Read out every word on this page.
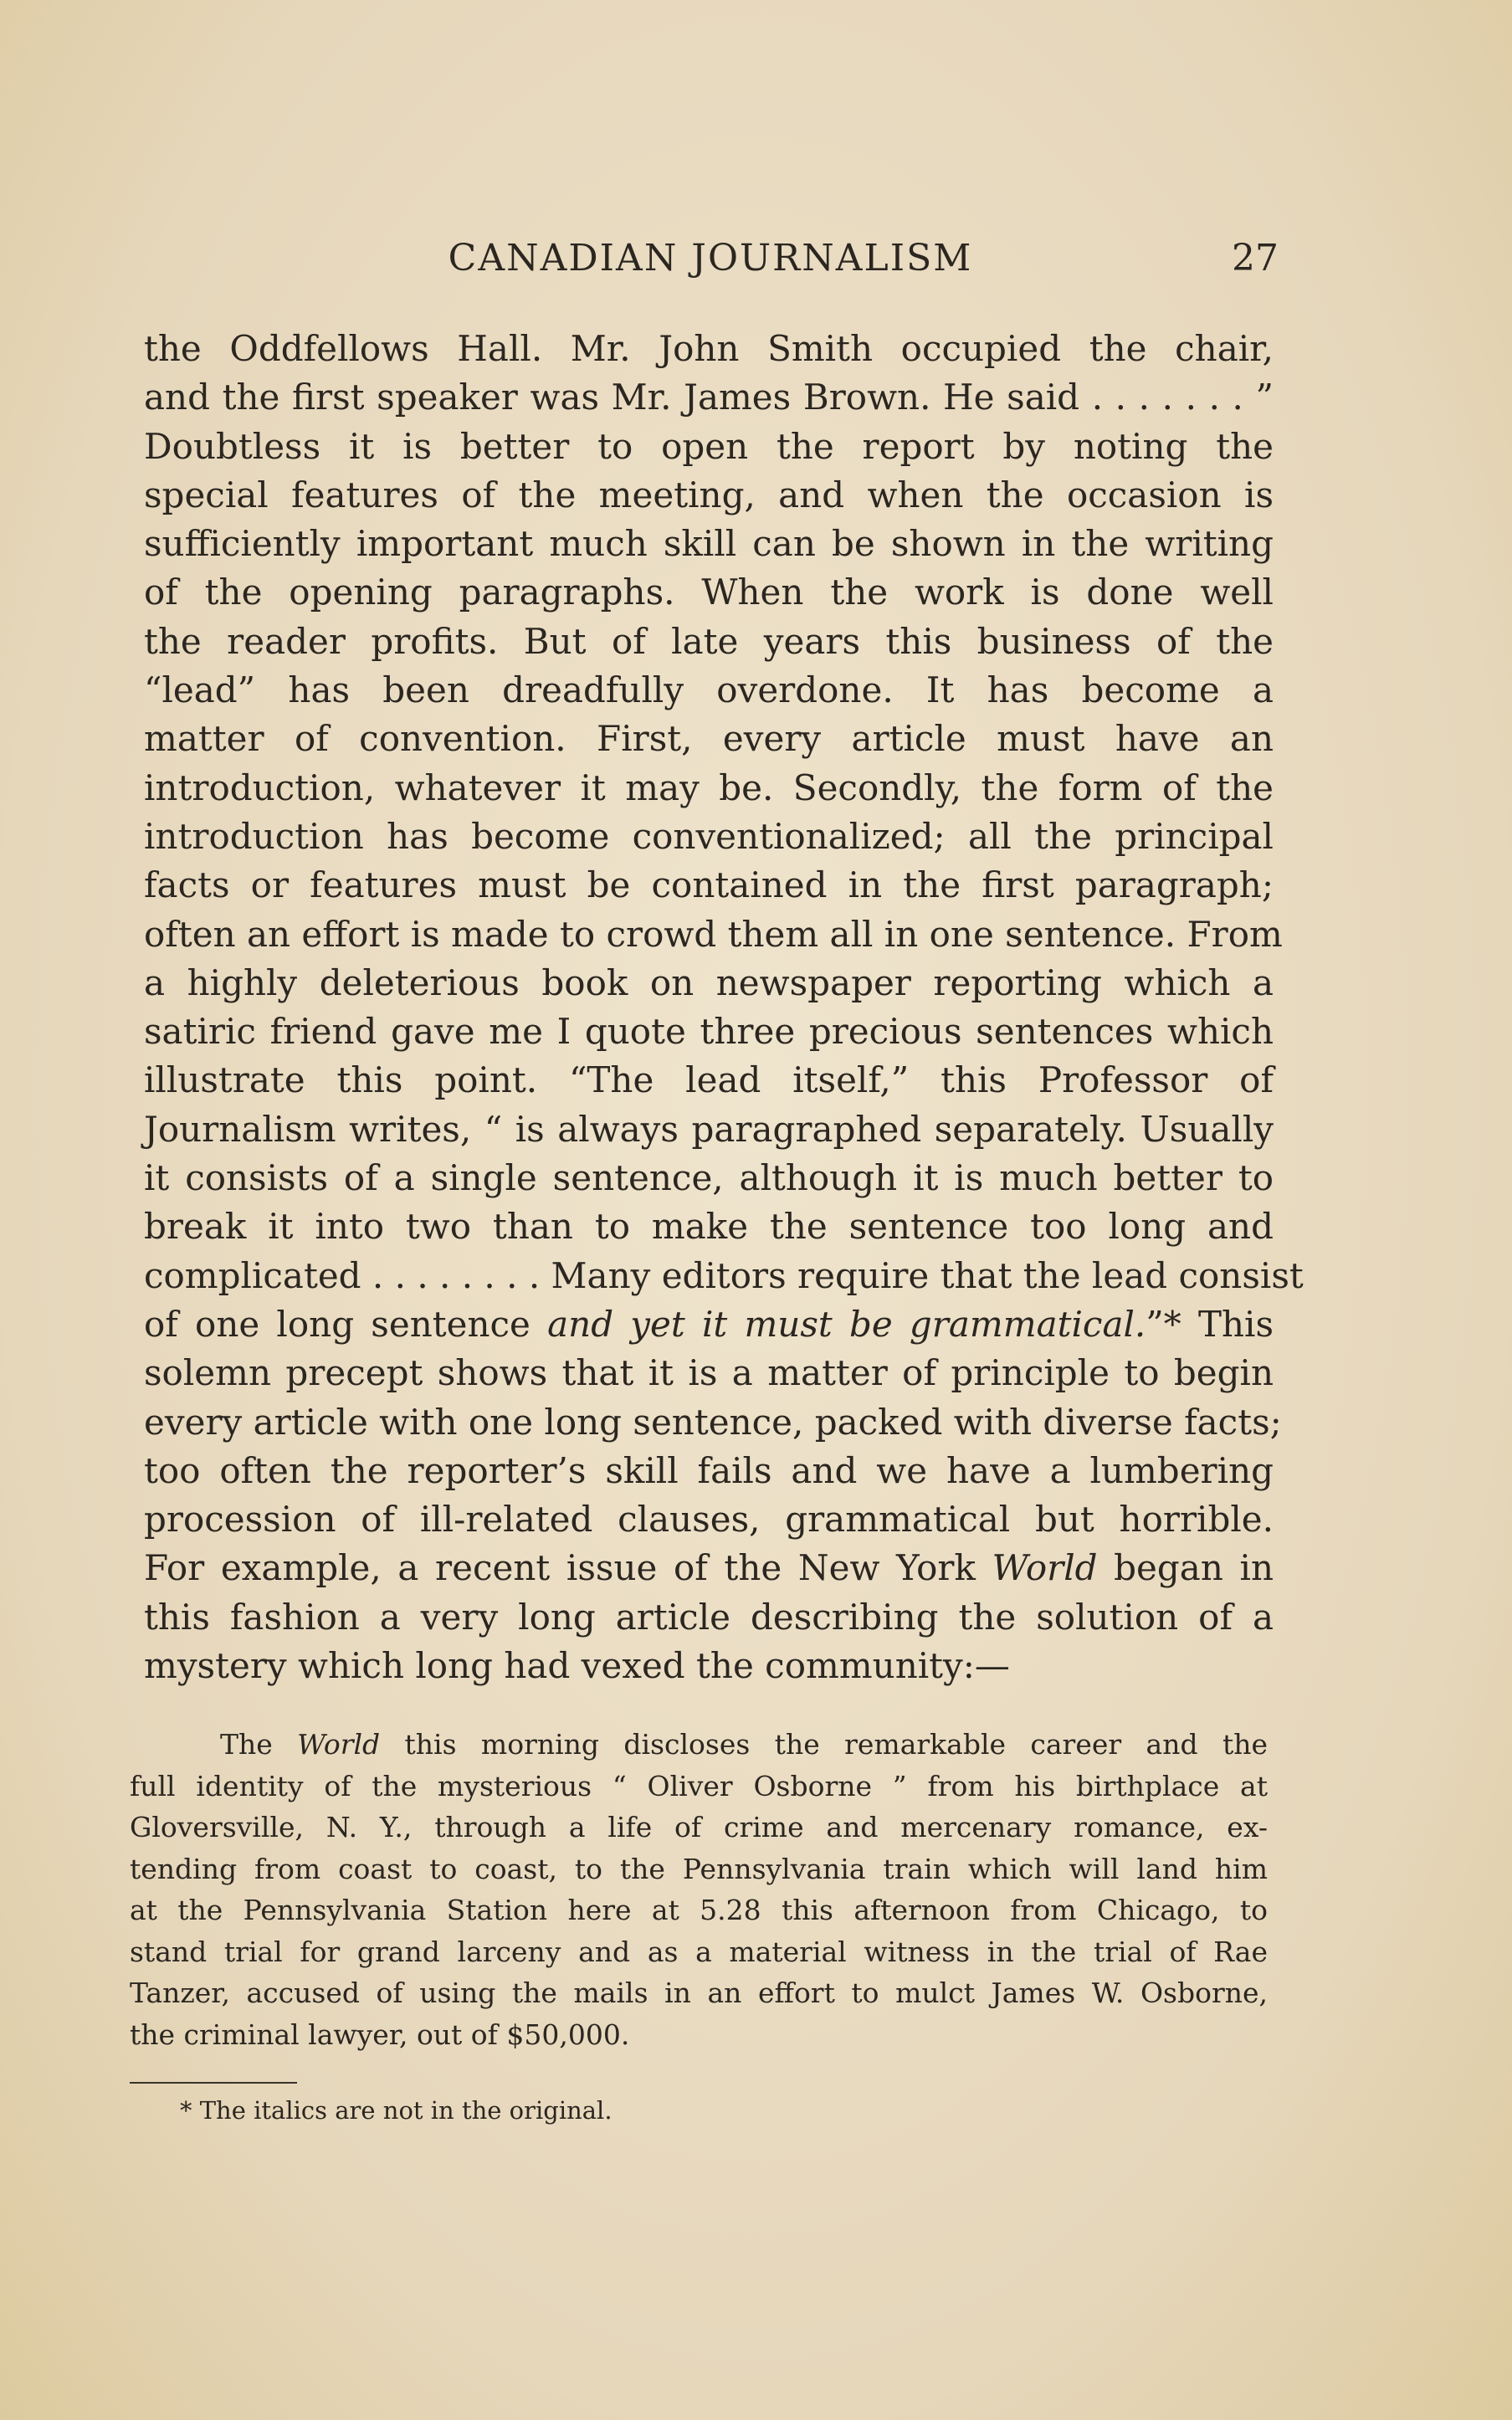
CANADIAN JOURNALISM	27
the Oddfellows Hall. Mr. John Smith occupied the chair,
and the first speaker was Mr. James Brown. He said . . . . . . . ”
Doubtless it is better to open the report by noting the
special features of the meeting, and when the occasion is
sufficiently important much skill can be shown in the writing
of the opening paragraphs. When the work is done well
the reader profits. But of late years this business of the
“lead” has been dreadfully overdone. It has become a
matter of convention. First, every article must have an
introduction, whatever it may be. Secondly, the form of the
introduction has become conventionalized; all the principal
facts or features must be contained in the first paragraph;
often an effort is made to crowd them all in one sentence. From
a highly deleterious book on newspaper reporting which a
satiric friend gave me I quote three precious sentences which
illustrate this point. “The lead itself,” this Professor of
Journalism writes, “ is always paragraphed separately. Usually
it consists of a single sentence, although it is much better to
break it into two than to make the sentence too long and
complicated . . . . . . . . Many editors require that the lead consist
of one long sentence and yet it must be grammatical.”* This
solemn precept shows that it is a matter of principle to begin
every article with one long sentence, packed with diverse facts;
too often the reporter’s skill fails and we have a lumbering
procession of ill-related clauses, grammatical but horrible.
For example, a recent issue of the New York World began in
this fashion a very long article describing the solution of a
mystery which long had vexed the community:—
The World this morning discloses the remarkable career and the
full identity of the mysterious “ Oliver Osborne ” from his birthplace at
Gloversville, N. Y., through a life of crime and mercenary romance, ex-
tending from coast to coast, to the Pennsylvania train which will land him
at the Pennsylvania Station here at 5.28 this afternoon from Chicago, to
stand trial for grand larceny and as a material witness in the trial of Rae
Tanzer, accused of using the mails in an effort to mulct James W. Osborne,
the criminal lawyer, out of $50,000.
* The italics are not in the original.
